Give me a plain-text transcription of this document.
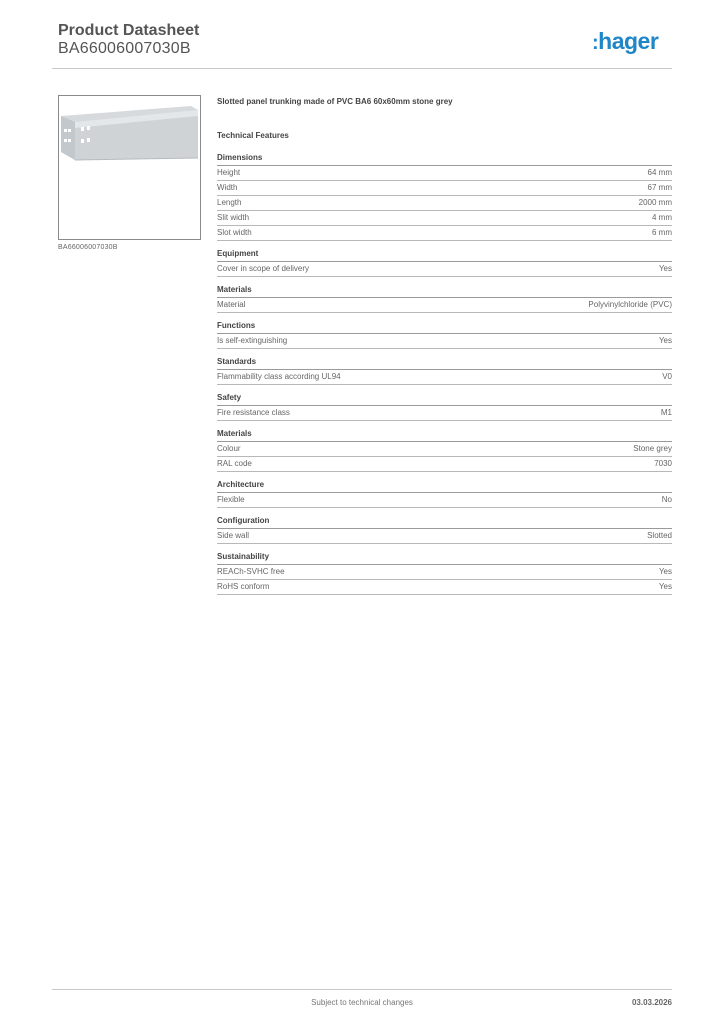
Product Datasheet
BA66006007030B	:hager
BA66006007030B
Slotted panel trunking made of PVC BA6 60x60mm stone grey
Technical Features
Dimensions
Height	64 mm
Width	67 mm
Length	2000 mm
Slit width	4 mm
Slot width	6 mm
Equipment
Cover in scope of delivery	Yes
Materials
Material	Polyvinylchloride (PVC)
Functions
Is self-extinguishing	Yes
Standards
Flammability class according UL94	V0
Safety
Fire resistance class	M1
Materials
Colour	Stone grey
RAL code	7030
Architecture
Flexible	No
Configuration
Side wall	Slotted
Sustainability
REACh-SVHC free	Yes
RoHS conform	Yes
Subject to technical changes	03.03.2026
